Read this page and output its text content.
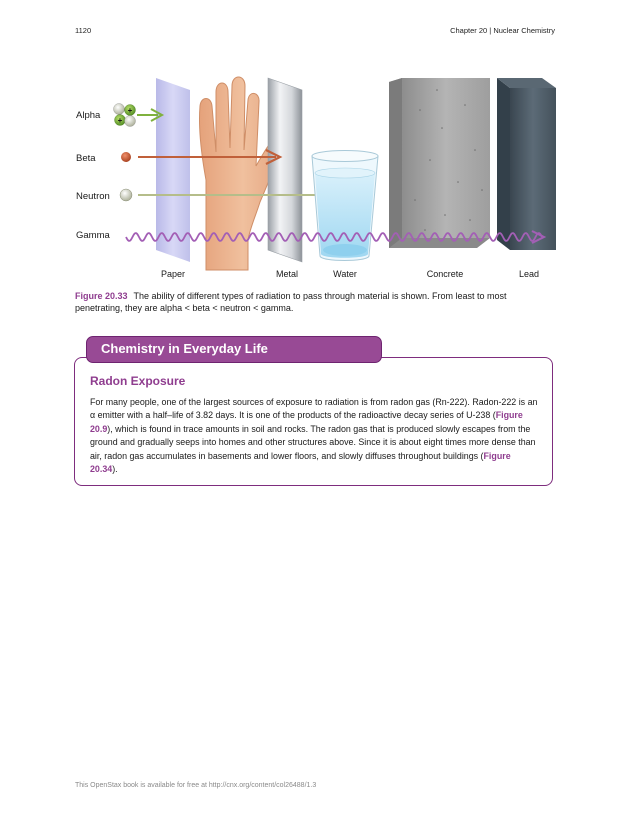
1120	Chapter 20 | Nuclear Chemistry
+
+
Alpha
Beta
Neutron
Gamma
Paper	Metal	Water	Concrete	Lead
Figure 20.33 The ability of different types of radiation to pass through material is shown. From least to most penetrating, they are alpha < beta < neutron < gamma.
Chemistry in Everyday Life
Radon Exposure
For many people, one of the largest sources of exposure to radiation is from radon gas (Rn-222). Radon-222 is an α emitter with a half–life of 3.82 days. It is one of the products of the radioactive decay series of U-238 (Figure 20.9), which is found in trace amounts in soil and rocks. The radon gas that is produced slowly escapes from the ground and gradually seeps into homes and other structures above. Since it is about eight times more dense than air, radon gas accumulates in basements and lower floors, and slowly diffuses throughout buildings (Figure 20.34).
This OpenStax book is available for free at http://cnx.org/content/col26488/1.3
